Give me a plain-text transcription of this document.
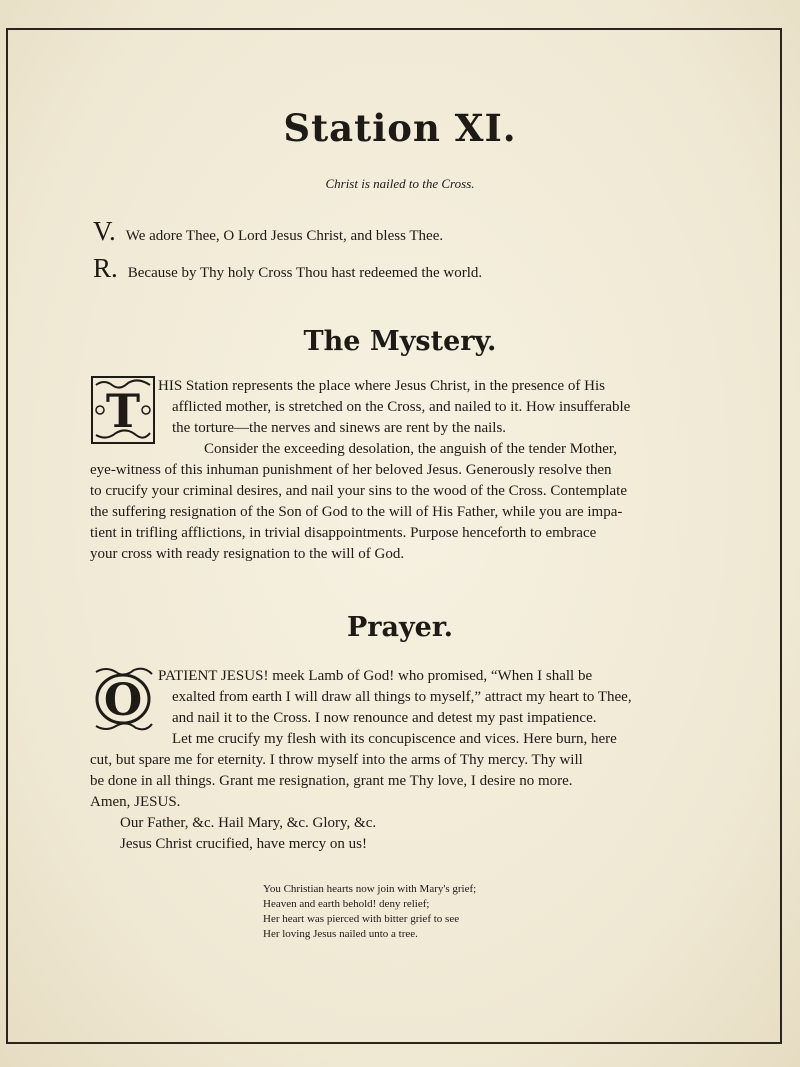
Station XI.
Christ is nailed to the Cross.
V. We adore Thee, O Lord Jesus Christ, and bless Thee.
R. Because by Thy holy Cross Thou hast redeemed the world.
The Mystery.
T HIS Station represents the place where Jesus Christ, in the presence of His
afflicted mother, is stretched on the Cross, and nailed to it. How insufferable
the torture—the nerves and sinews are rent by the nails.
Consider the exceeding desolation, the anguish of the tender Mother,
eye-witness of this inhuman punishment of her beloved Jesus. Generously resolve then
to crucify your criminal desires, and nail your sins to the wood of the Cross. Contemplate
the suffering resignation of the Son of God to the will of His Father, while you are impa-
tient in trifling afflictions, in trivial disappointments. Purpose henceforth to embrace
your cross with ready resignation to the will of God.
Prayer.
O PATIENT JESUS! meek Lamb of God! who promised, “When I shall be
exalted from earth I will draw all things to myself,” attract my heart to Thee,
and nail it to the Cross. I now renounce and detest my past impatience.
Let me crucify my flesh with its concupiscence and vices. Here burn, here
cut, but spare me for eternity. I throw myself into the arms of Thy mercy. Thy will
be done in all things. Grant me resignation, grant me Thy love, I desire no more.
Amen, JESUS.
Our Father, &c. Hail Mary, &c. Glory, &c.
Jesus Christ crucified, have mercy on us!
You Christian hearts now join with Mary's grief;
Heaven and earth behold! deny relief;
Her heart was pierced with bitter grief to see
Her loving Jesus nailed unto a tree.
